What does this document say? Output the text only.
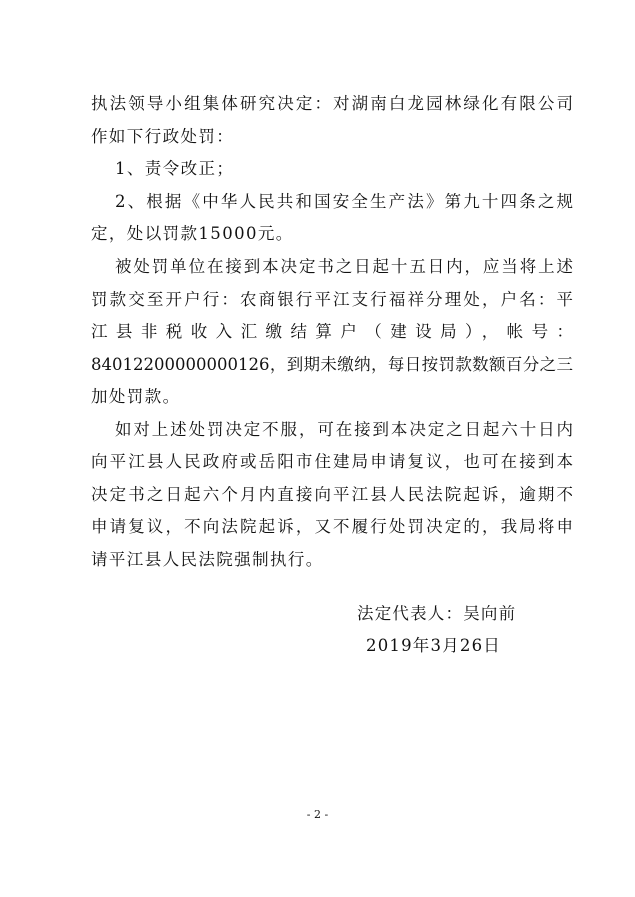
执法领导小组集体研究决定：对湖南白龙园林绿化有限公司
作如下行政处罚：
1、责令改正；
2、根据《中华人民共和国安全生产法》第九十四条之规
定，处以罚款15000元。
被处罚单位在接到本决定书之日起十五日内，应当将上述
罚款交至开户行：农商银行平江支行福祥分理处，户名：平
江县非税收入汇缴结算户（建设局），帐号：
84012200000000126，到期未缴纳，每日按罚款数额百分之三
加处罚款。
如对上述处罚决定不服，可在接到本决定之日起六十日内
向平江县人民政府或岳阳市住建局申请复议，也可在接到本
决定书之日起六个月内直接向平江县人民法院起诉，逾期不
申请复议，不向法院起诉，又不履行处罚决定的，我局将申
请平江县人民法院强制执行。
法定代表人：吴向前
2019年3月26日
- 2 -
